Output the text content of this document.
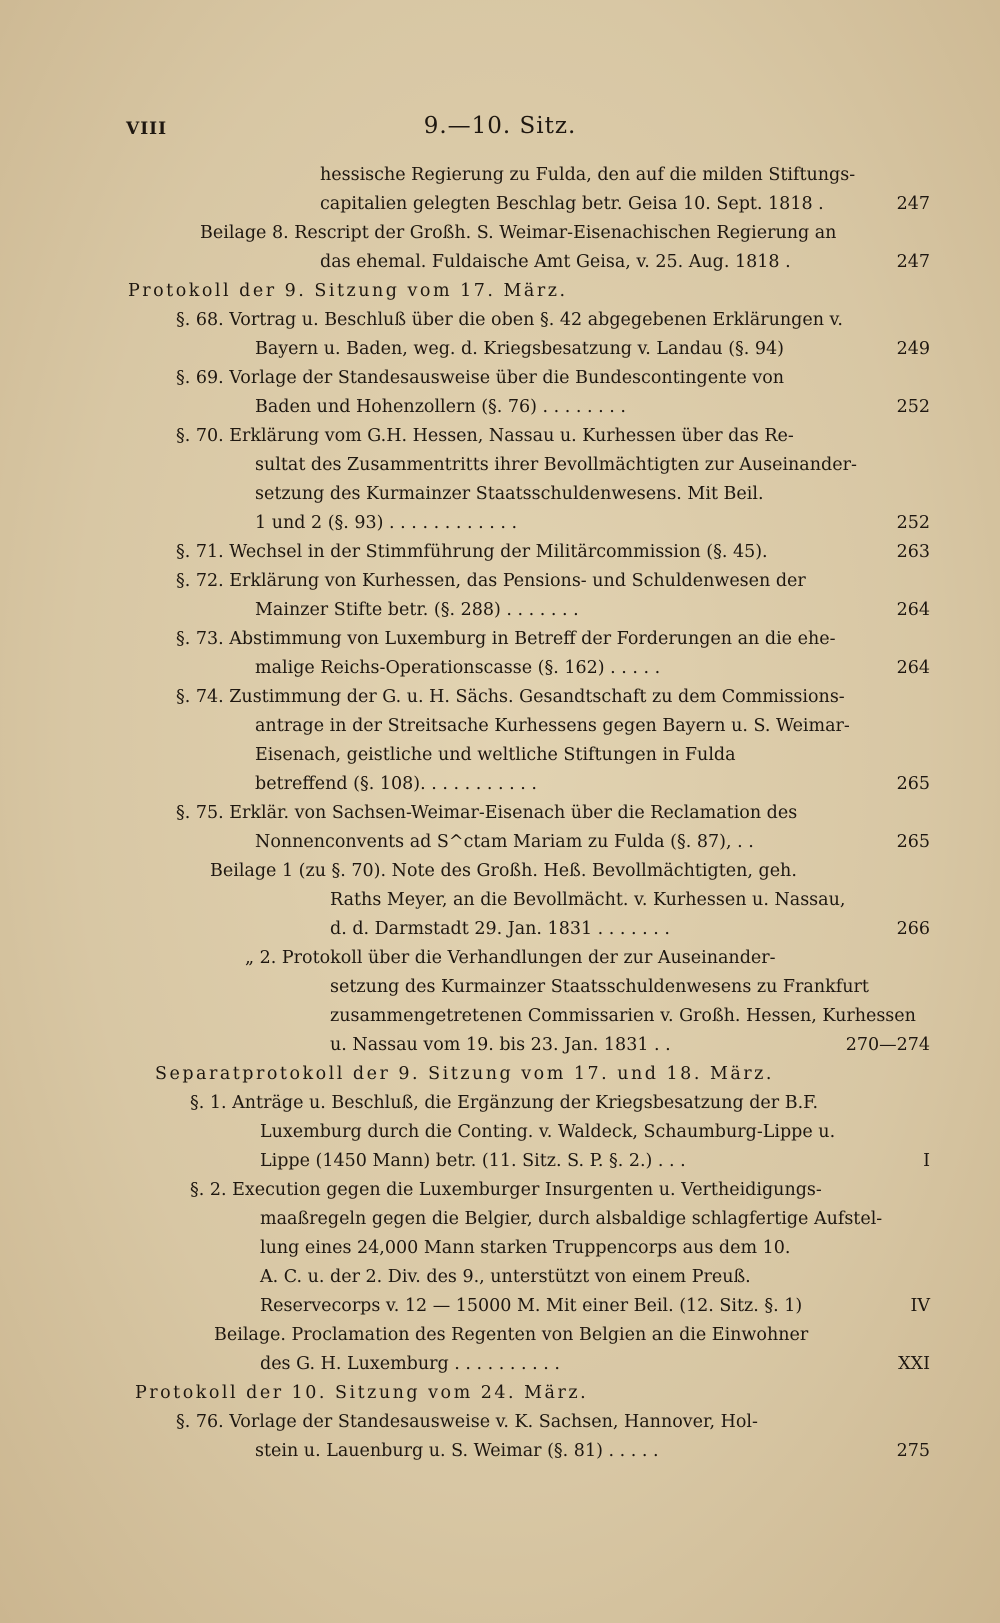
VIII	9.—10. Sitz.
hessische Regierung zu Fulda, den auf die milden Stiftungs-
capitalien gelegten Beschlag betr. Geisa 10. Sept. 1818 .	247
Beilage 8. Rescript der Großh. S. Weimar-Eisenachischen Regierung an
das ehemal. Fuldaische Amt Geisa, v. 25. Aug. 1818 .	247
Protokoll der 9. Sitzung vom 17. März.
§. 68. Vortrag u. Beschluß über die oben §. 42 abgegebenen Erklärungen v.
Bayern u. Baden, weg. d. Kriegsbesatzung v. Landau (§. 94)	249
§. 69. Vorlage der Standesausweise über die Bundescontingente von
Baden und Hohenzollern (§. 76) . . . . . . . .	252
§. 70. Erklärung vom G.H. Hessen, Nassau u. Kurhessen über das Re-
sultat des Zusammentritts ihrer Bevollmächtigten zur Auseinander-
setzung des Kurmainzer Staatsschuldenwesens. Mit Beil.
1 und 2 (§. 93) . . . . . . . . . . . .	252
§. 71. Wechsel in der Stimmführung der Militärcommission (§. 45).	263
§. 72. Erklärung von Kurhessen, das Pensions- und Schuldenwesen der
Mainzer Stifte betr. (§. 288) . . . . . . .	264
§. 73. Abstimmung von Luxemburg in Betreff der Forderungen an die ehe-
malige Reichs-Operationscasse (§. 162) . . . . .	264
§. 74. Zustimmung der G. u. H. Sächs. Gesandtschaft zu dem Commissions-
antrage in der Streitsache Kurhessens gegen Bayern u. S. Weimar-
Eisenach, geistliche und weltliche Stiftungen in Fulda
betreffend (§. 108). . . . . . . . . . .	265
§. 75. Erklär. von Sachsen-Weimar-Eisenach über die Reclamation des
Nonnenconvents ad S^ctam Mariam zu Fulda (§. 87), . .	265
Beilage 1 (zu §. 70). Note des Großh. Heß. Bevollmächtigten, geh.
Raths Meyer, an die Bevollmächt. v. Kurhessen u. Nassau,
d. d. Darmstadt 29. Jan. 1831 . . . . . . .	266
„ 2. Protokoll über die Verhandlungen der zur Auseinander-
setzung des Kurmainzer Staatsschuldenwesens zu Frankfurt
zusammengetretenen Commissarien v. Großh. Hessen, Kurhessen
u. Nassau vom 19. bis 23. Jan. 1831 . .	270—274
Separatprotokoll der 9. Sitzung vom 17. und 18. März.
§. 1. Anträge u. Beschluß, die Ergänzung der Kriegsbesatzung der B.F.
Luxemburg durch die Conting. v. Waldeck, Schaumburg-Lippe u.
Lippe (1450 Mann) betr. (11. Sitz. S. P. §. 2.) . . .	I
§. 2. Execution gegen die Luxemburger Insurgenten u. Vertheidigungs-
maaßregeln gegen die Belgier, durch alsbaldige schlagfertige Aufstel-
lung eines 24,000 Mann starken Truppencorps aus dem 10.
A. C. u. der 2. Div. des 9., unterstützt von einem Preuß.
Reservecorps v. 12 — 15000 M. Mit einer Beil. (12. Sitz. §. 1)	IV
Beilage. Proclamation des Regenten von Belgien an die Einwohner
des G. H. Luxemburg . . . . . . . . . .	XXI
Protokoll der 10. Sitzung vom 24. März.
§. 76. Vorlage der Standesausweise v. K. Sachsen, Hannover, Hol-
stein u. Lauenburg u. S. Weimar (§. 81) . . . . .	275
